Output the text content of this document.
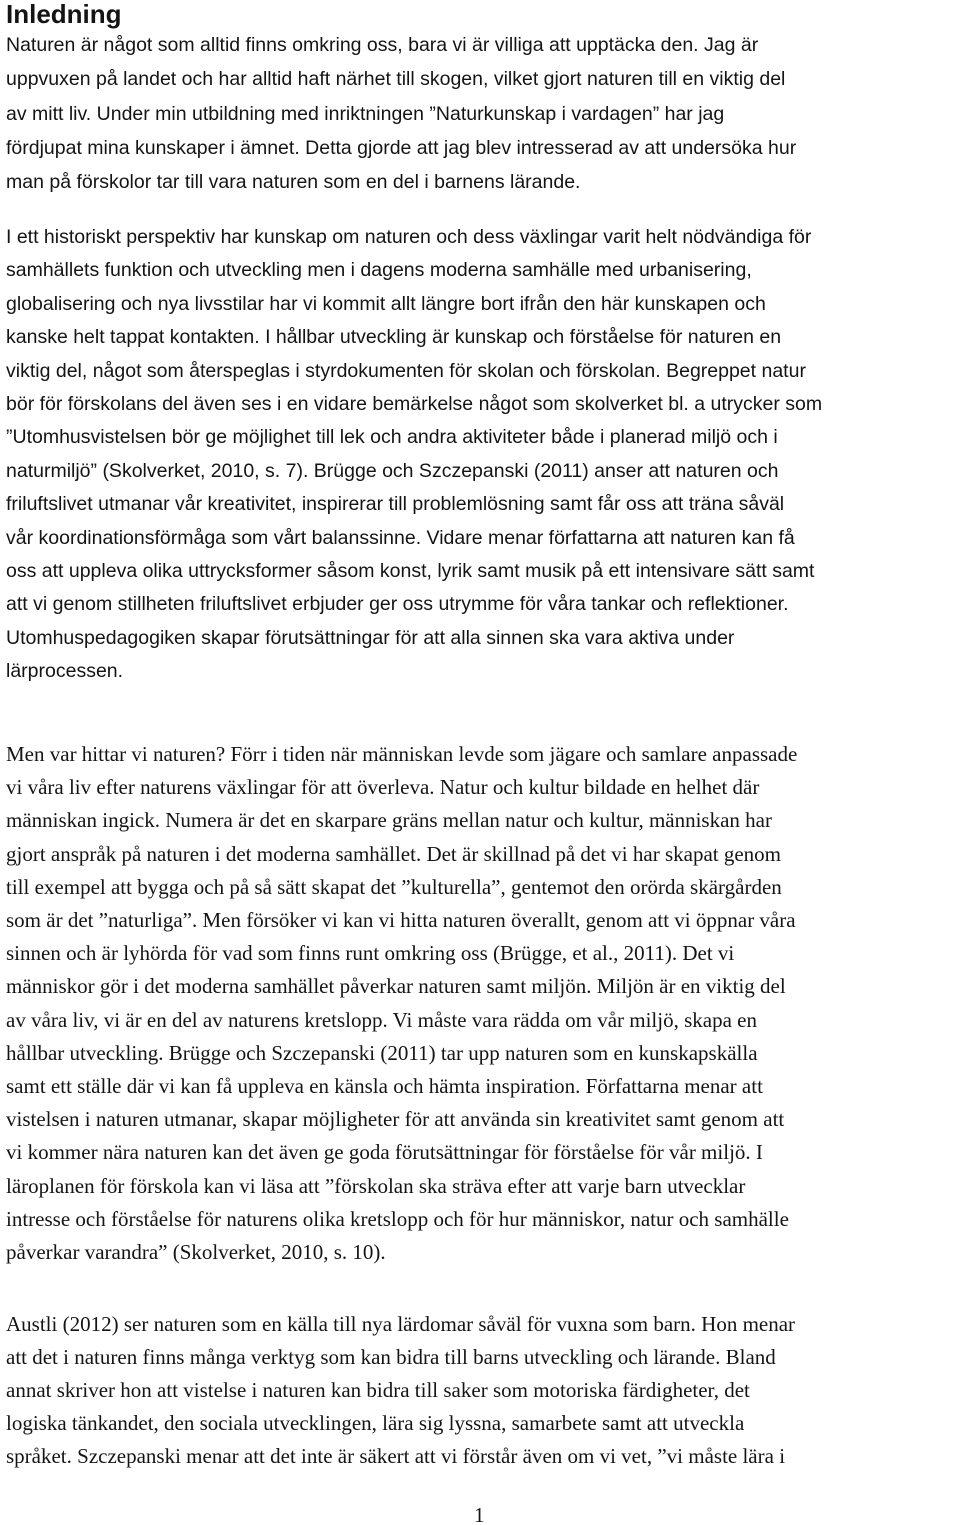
Inledning
Naturen är något som alltid finns omkring oss, bara vi är villiga att upptäcka den. Jag är
uppvuxen på landet och har alltid haft närhet till skogen, vilket gjort naturen till en viktig del
av mitt liv. Under min utbildning med inriktningen ”Naturkunskap i vardagen” har jag
fördjupat mina kunskaper i ämnet. Detta gjorde att jag blev intresserad av att undersöka hur
man på förskolor tar till vara naturen som en del i barnens lärande.
I ett historiskt perspektiv har kunskap om naturen och dess växlingar varit helt nödvändiga för
samhällets funktion och utveckling men i dagens moderna samhälle med urbanisering,
globalisering och nya livsstilar har vi kommit allt längre bort ifrån den här kunskapen och
kanske helt tappat kontakten. I hållbar utveckling är kunskap och förståelse för naturen en
viktig del, något som återspeglas i styrdokumenten för skolan och förskolan. Begreppet natur
bör för förskolans del även ses i en vidare bemärkelse något som skolverket bl. a utrycker som
”Utomhusvistelsen bör ge möjlighet till lek och andra aktiviteter både i planerad miljö och i
naturmiljö” (Skolverket, 2010, s. 7). Brügge och Szczepanski (2011) anser att naturen och
friluftslivet utmanar vår kreativitet, inspirerar till problemlösning samt får oss att träna såväl
vår koordinationsförmåga som vårt balanssinne. Vidare menar författarna att naturen kan få
oss att uppleva olika uttrycksformer såsom konst, lyrik samt musik på ett intensivare sätt samt
att vi genom stillheten friluftslivet erbjuder ger oss utrymme för våra tankar och reflektioner.
Utomhuspedagogiken skapar förutsättningar för att alla sinnen ska vara aktiva under
lärprocessen.
Men var hittar vi naturen? Förr i tiden när människan levde som jägare och samlare anpassade
vi våra liv efter naturens växlingar för att överleva. Natur och kultur bildade en helhet där
människan ingick. Numera är det en skarpare gräns mellan natur och kultur, människan har
gjort anspråk på naturen i det moderna samhället. Det är skillnad på det vi har skapat genom
till exempel att bygga och på så sätt skapat det ”kulturella”, gentemot den orörda skärgården
som är det ”naturliga”. Men försöker vi kan vi hitta naturen överallt, genom att vi öppnar våra
sinnen och är lyhörda för vad som finns runt omkring oss (Brügge, et al., 2011). Det vi
människor gör i det moderna samhället påverkar naturen samt miljön. Miljön är en viktig del
av våra liv, vi är en del av naturens kretslopp. Vi måste vara rädda om vår miljö, skapa en
hållbar utveckling. Brügge och Szczepanski (2011) tar upp naturen som en kunskapskälla
samt ett ställe där vi kan få uppleva en känsla och hämta inspiration. Författarna menar att
vistelsen i naturen utmanar, skapar möjligheter för att använda sin kreativitet samt genom att
vi kommer nära naturen kan det även ge goda förutsättningar för förståelse för vår miljö. I
läroplanen för förskola kan vi läsa att ”förskolan ska sträva efter att varje barn utvecklar
intresse och förståelse för naturens olika kretslopp och för hur människor, natur och samhälle
påverkar varandra” (Skolverket, 2010, s. 10).
Austli (2012) ser naturen som en källa till nya lärdomar såväl för vuxna som barn. Hon menar
att det i naturen finns många verktyg som kan bidra till barns utveckling och lärande. Bland
annat skriver hon att vistelse i naturen kan bidra till saker som motoriska färdigheter, det
logiska tänkandet, den sociala utvecklingen, lära sig lyssna, samarbete samt att utveckla
språket. Szczepanski menar att det inte är säkert att vi förstår även om vi vet, ”vi måste lära i
1
